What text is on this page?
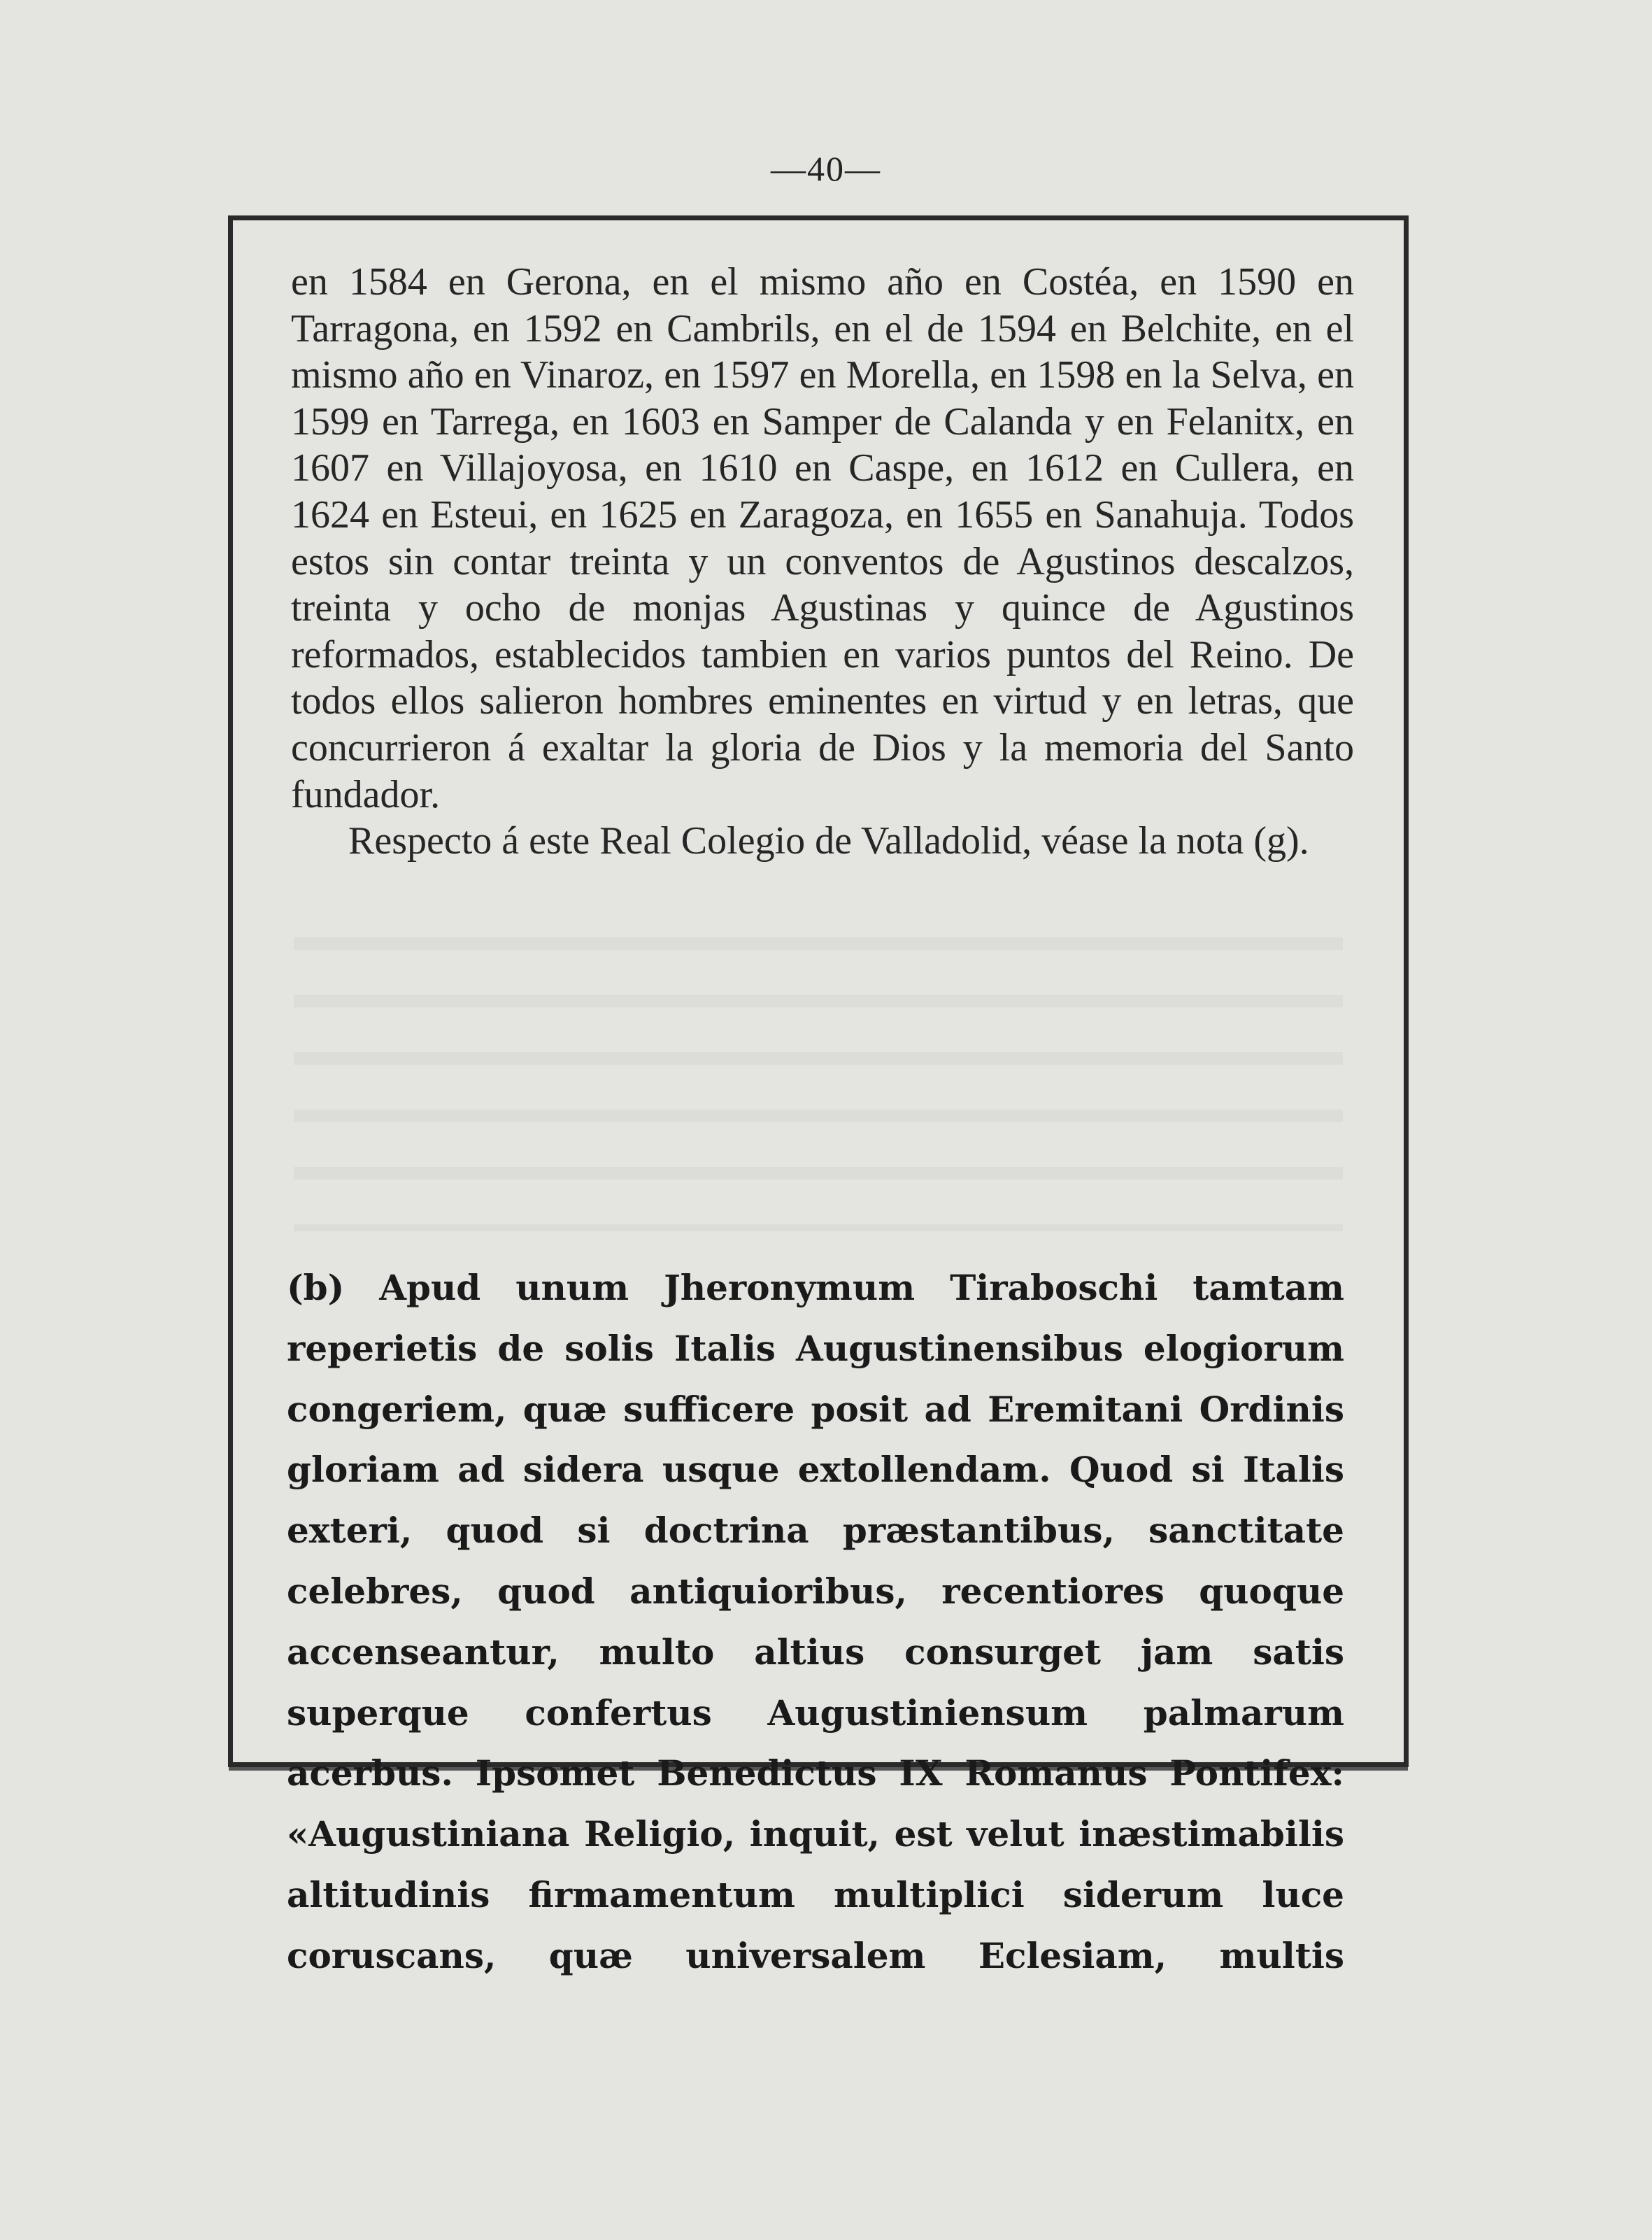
—40—

en 1584 en Gerona, en el mismo año en Costéa, en 1590 en Tarragona, en 1592 en Cambrils, en el de 1594 en Belchite, en el mismo año en Vinaroz, en 1597 en Morella, en 1598 en la Selva, en 1599 en Tarrega, en 1603 en Samper de Calanda y en Felanitx, en 1607 en Villajoyosa, en 1610 en Caspe, en 1612 en Cullera, en 1624 en Esteui, en 1625 en Zaragoza, en 1655 en Sanahuja. Todos estos sin contar treinta y un conventos de Agustinos descalzos, treinta y ocho de monjas Agustinas y quince de Agustinos reformados, establecidos tambien en varios puntos del Reino. De todos ellos salieron hombres eminentes en virtud y en letras, que concurrieron á exaltar la gloria de Dios y la memoria del Santo fundador.

Respecto á este Real Colegio de Valladolid, véase la nota (g).

(b) Apud unum Jheronymum Tiraboschi tamtam reperietis de solis Italis Augustinensibus elogiorum congeriem, quæ sufficere posit ad Eremitani Ordinis gloriam ad sidera usque extollendam. Quod si Italis exteri, quod si doctrina præstantibus, sanctitate celebres, quod antiquioribus, recentiores quoque accenseantur, multo altius consurget jam satis superque confertus Augustiniensum palmarum acerbus. Ipsomet Benedictus IX Romanus Pontifex: «Augustiniana Religio, inquit, est velut inæstimabilis altitudinis firmamentum multiplici siderum luce coruscans, quæ universalem Eclesiam, multis
